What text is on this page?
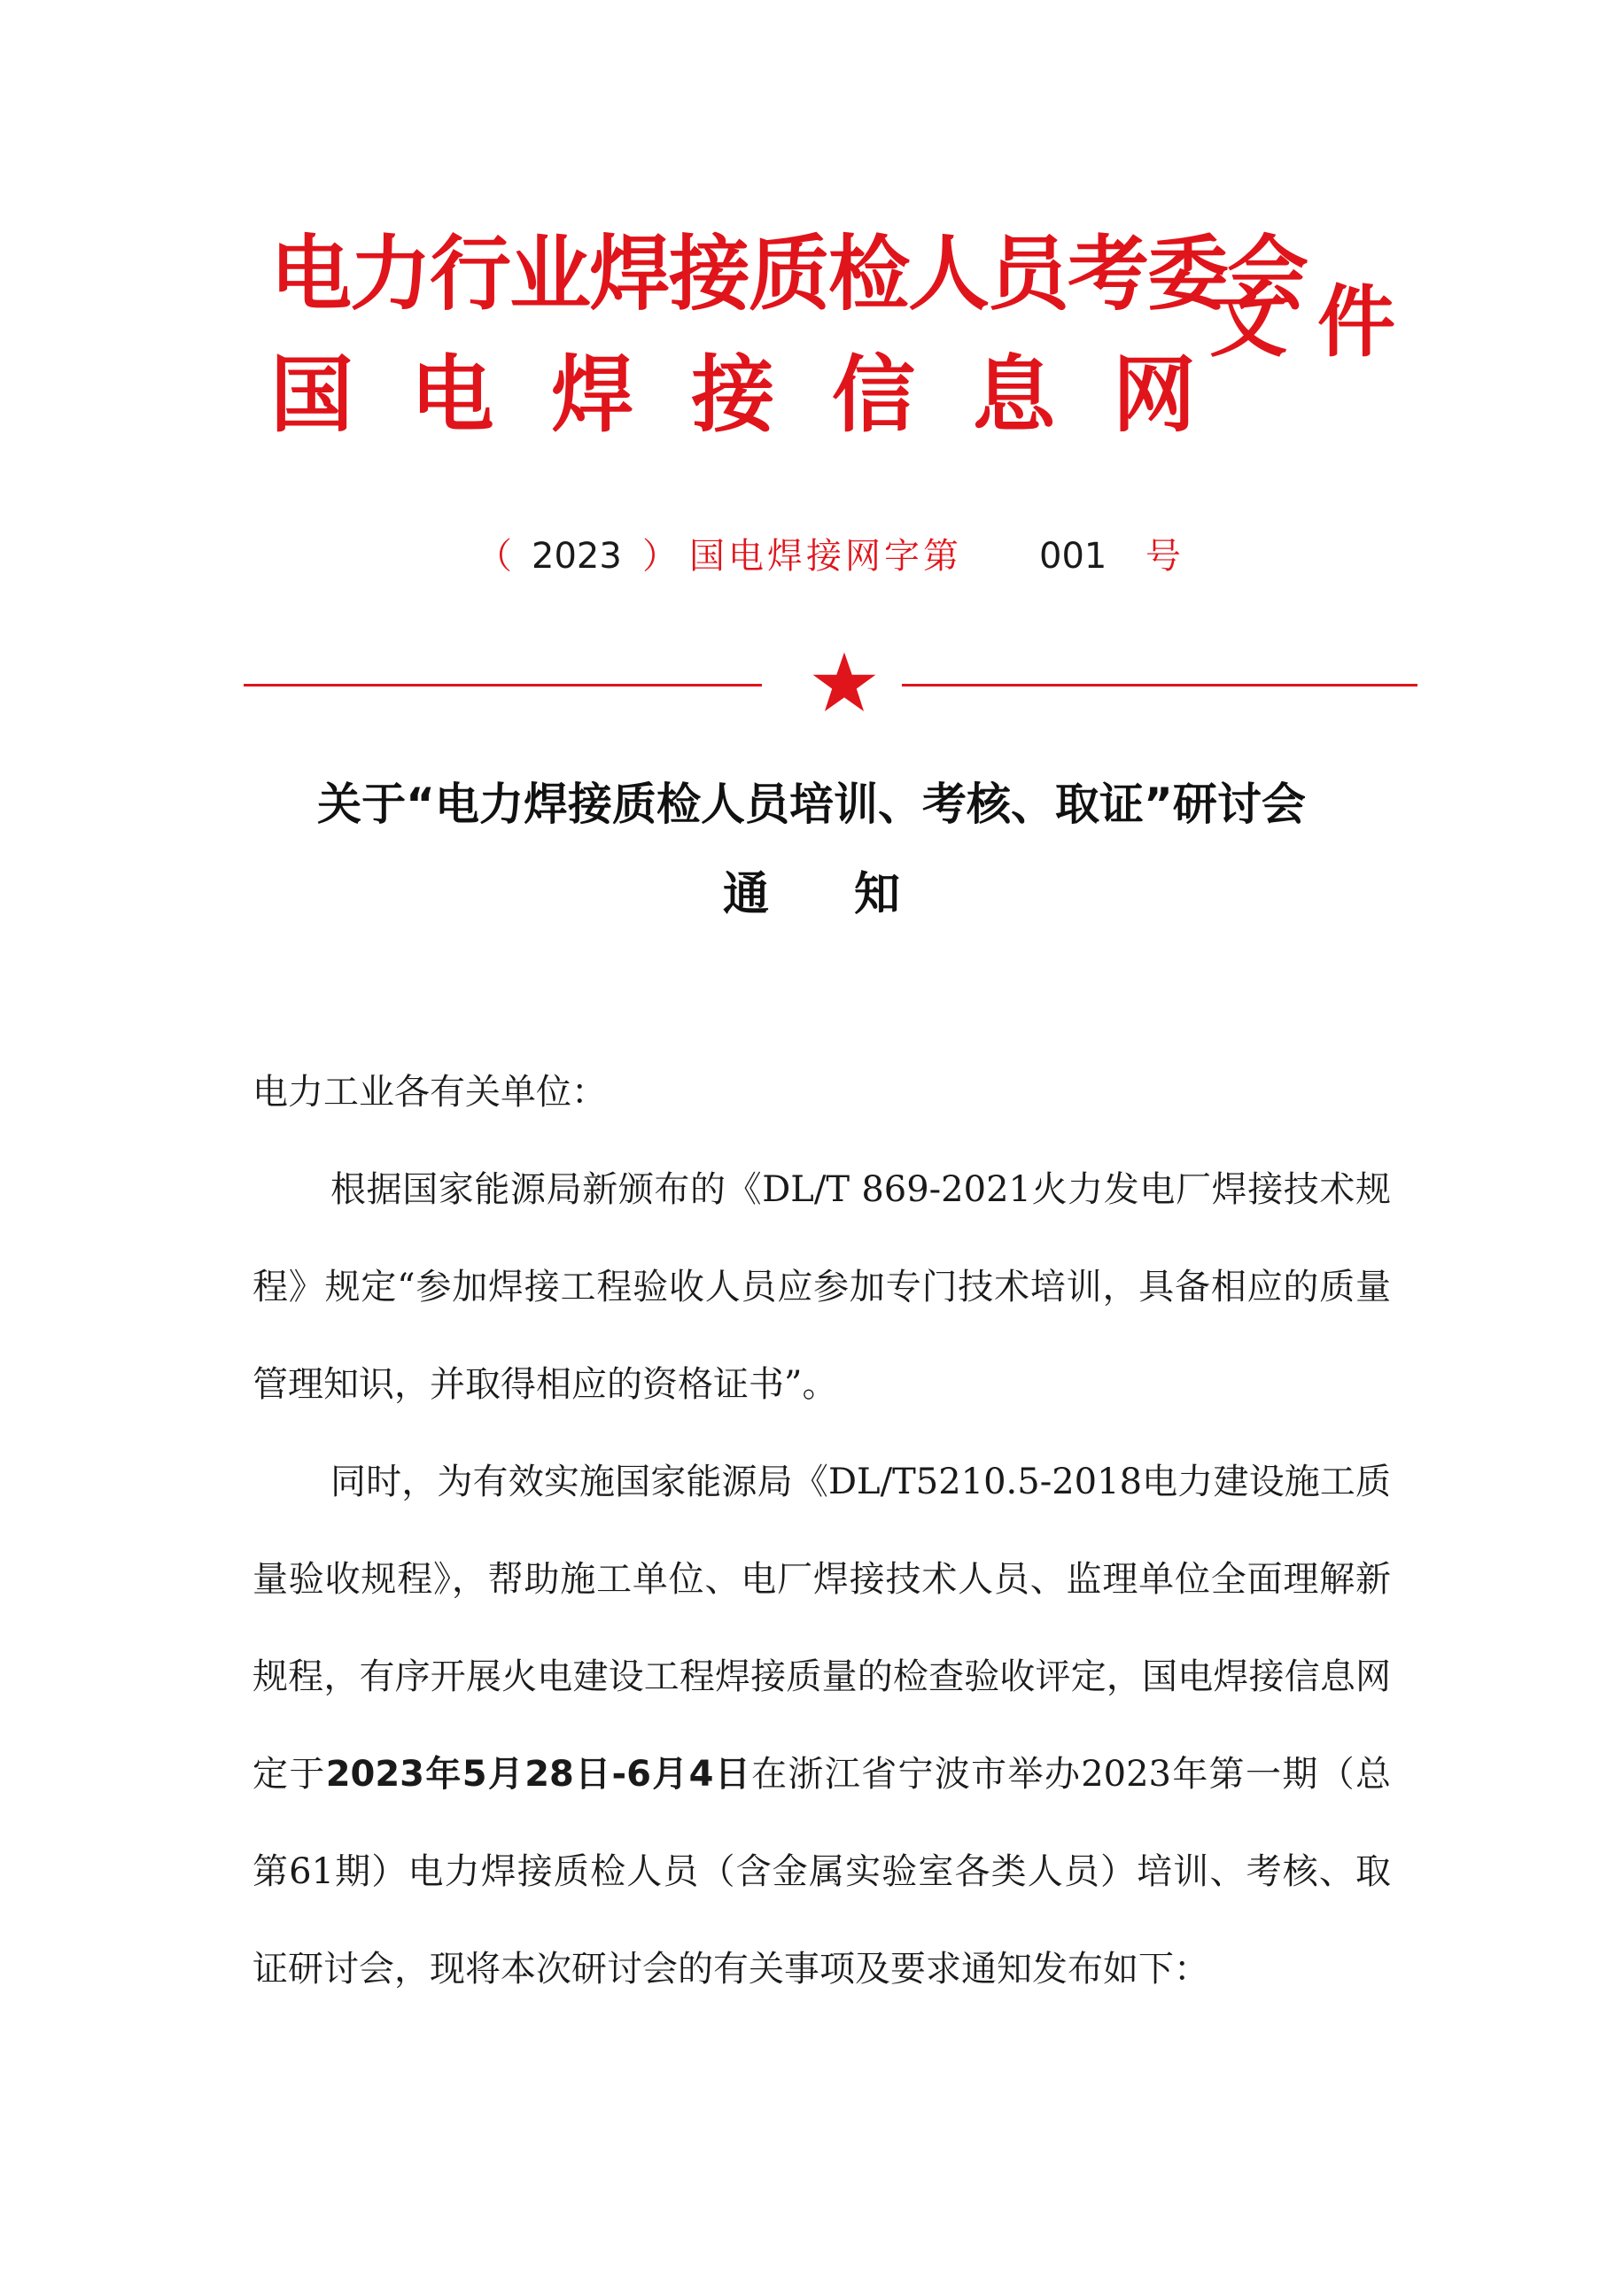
电力行业焊接质检人员考委会
国 电 焊 接 信 息 网
文件
（ 2023 ） 国电焊接网字第 001 号
关于“电力焊接质检人员培训、考核、取证”研讨会
通知

电力工业各有关单位：

根据国家能源局新颁布的《DL/T 869-2021火力发电厂焊接技术规程》规定“参加焊接工程验收人员应参加专门技术培训，具备相应的质量管理知识，并取得相应的资格证书”。

同时，为有效实施国家能源局《DL/T5210.5-2018电力建设施工质量验收规程》，帮助施工单位、电厂焊接技术人员、监理单位全面理解新规程，有序开展火电建设工程焊接质量的检查验收评定，国电焊接信息网定于2023年5月28日-6月4日在浙江省宁波市举办2023年第一期（总第61期）电力焊接质检人员（含金属实验室各类人员）培训、考核、取证研讨会，现将本次研讨会的有关事项及要求通知发布如下：
